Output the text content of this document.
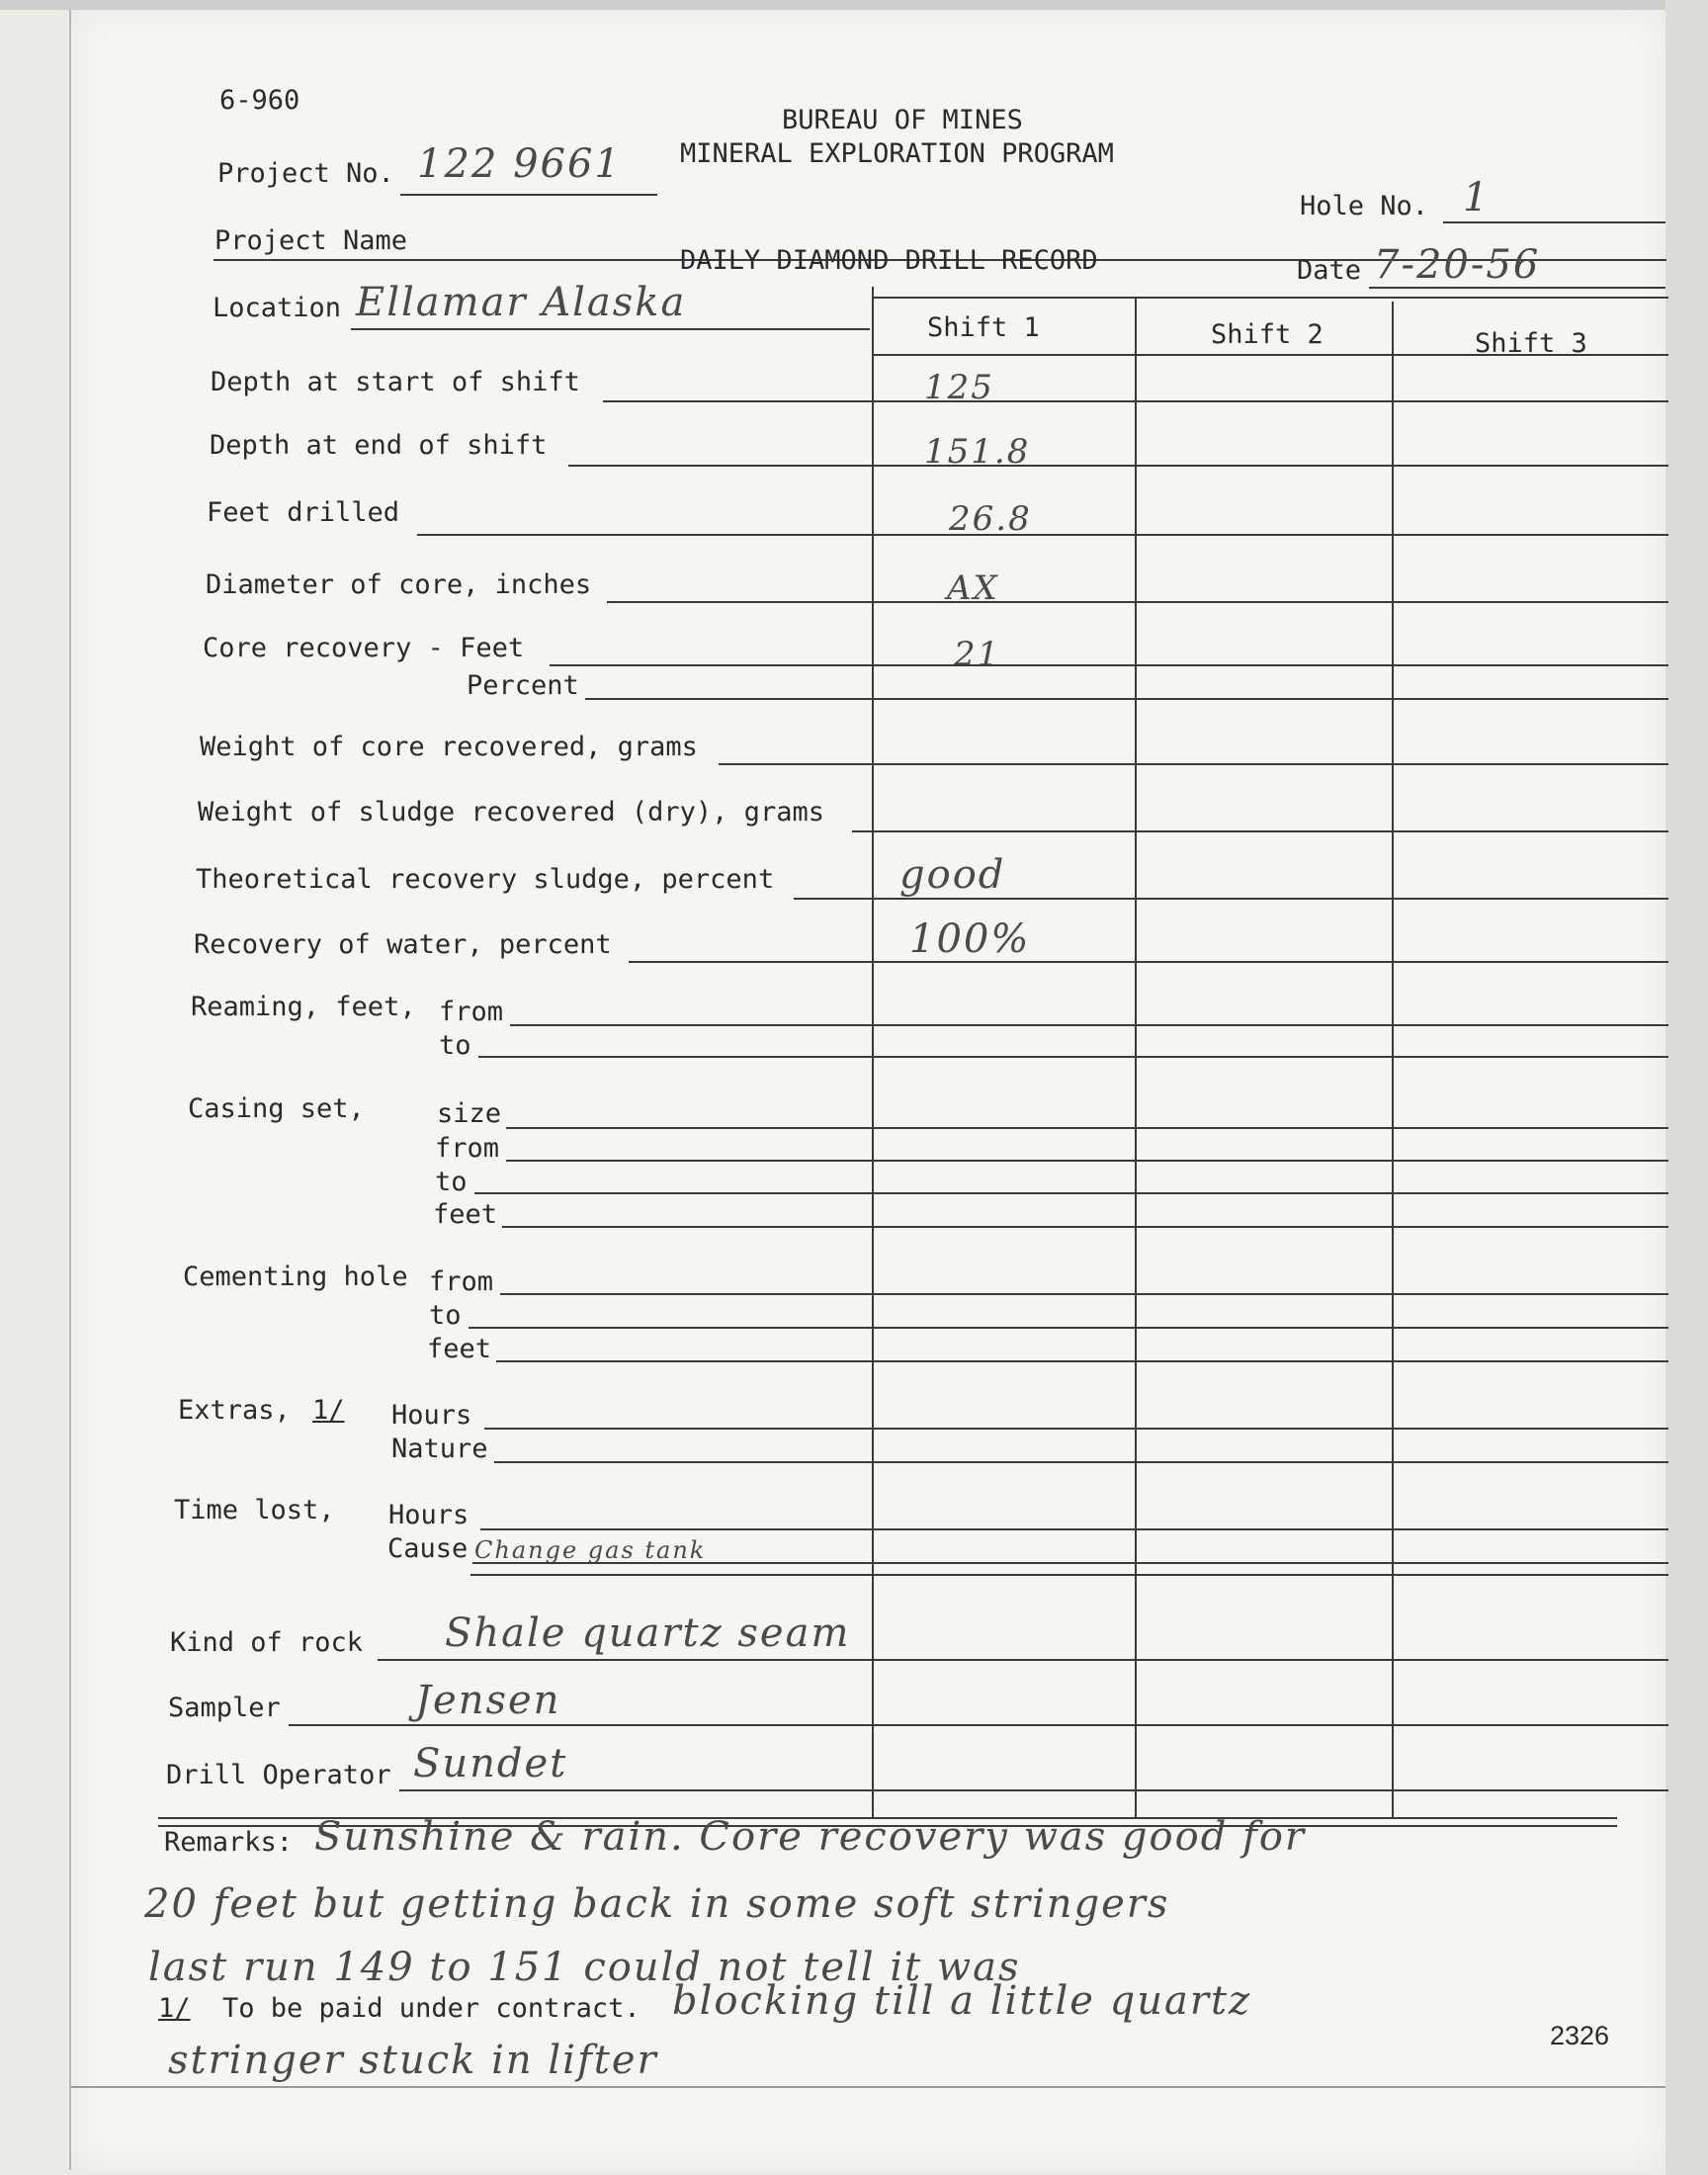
6-960
BUREAU OF MINES
MINERAL EXPLORATION PROGRAM
Project No. 122 9661
Hole No. 1
Project Name
DAILY DIAMOND DRILL RECORD	Date 7-20-56
Location Ellamar Alaska
Shift 1	Shift 2	Shift 3
Depth at start of shift	125
Depth at end of shift	151.8
Feet drilled	26.8
Diameter of core, inches	AX
Core recovery - Feet	21
Percent
Weight of core recovered, grams
Weight of sludge recovered (dry), grams
Theoretical recovery sludge, percent	good
Recovery of water, percent	100%
Reaming, feet, from
to
Casing set,	size
from
to
feet
Cementing hole from
to
feet
Extras, 1/ Hours
Nature
Time lost, Hours
Cause Change gas tank
Kind of rock Shale quartz seam
Sampler	Jensen
Drill Operator Sundet
Remarks: Sunshine & rain. Core recovery was good for
20 feet but getting back in some soft stringers
last run 149 to 151 could not tell it was
1/ To be paid under contract. blocking till a little quartz
stringer stuck in lifter
2326
